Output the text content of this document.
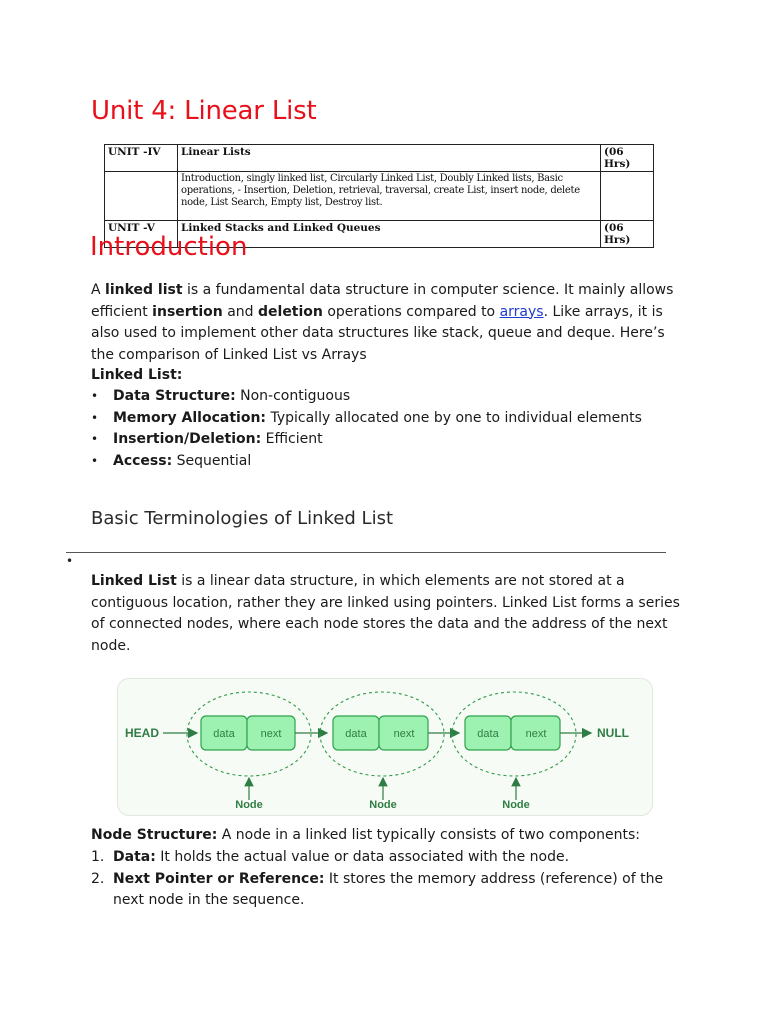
Unit 4: Linear List
UNIT -IV	Linear Lists	(06 Hrs)
	Introduction, singly linked list, Circularly Linked List, Doubly Linked lists, Basic operations, - Insertion, Deletion, retrieval, traversal, create List, insert node, delete node, List Search, Empty list, Destroy list.	
UNIT -V	Linked Stacks and Linked Queues	(06 Hrs)
Introduction
A linked list is a fundamental data structure in computer science. It mainly allows efficient insertion and deletion operations compared to arrays. Like arrays, it is also used to implement other data structures like stack, queue and deque. Here’s the comparison of Linked List vs Arrays
Linked List:
• Data Structure: Non-contiguous
• Memory Allocation: Typically allocated one by one to individual elements
• Insertion/Deletion: Efficient
• Access: Sequential
Basic Terminologies of Linked List
•
Linked List is a linear data structure, in which elements are not stored at a contiguous location, rather they are linked using pointers. Linked List forms a series of connected nodes, where each node stores the data and the address of the next node.
HEAD	data next
Node
data next
Node
data next
Node
NULL
Node Structure: A node in a linked list typically consists of two components:
1. Data: It holds the actual value or data associated with the node.
2. Next Pointer or Reference: It stores the memory address (reference) of the next node in the sequence.
